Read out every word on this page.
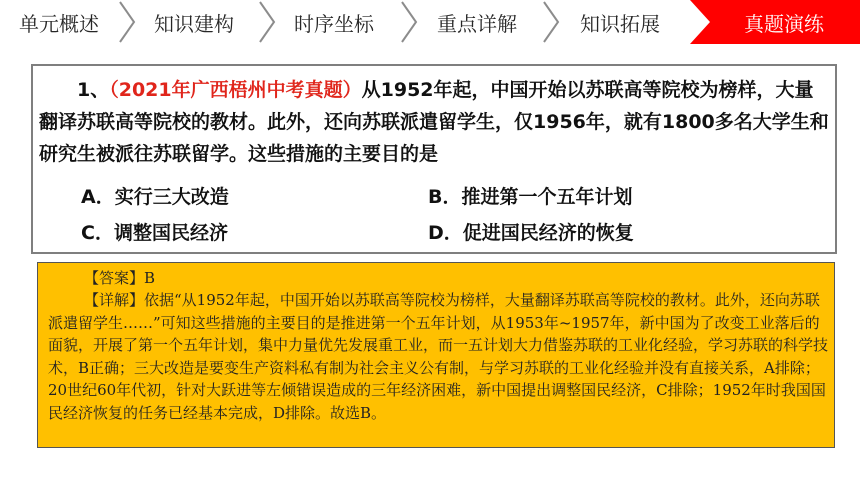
单元概述	知识建构	时序坐标	重点详解	知识拓展	真题演练
1、（2021年广西梧州中考真题）从1952年起，中国开始以苏联高等院校为榜样，大量翻译苏联高等院校的教材。此外，还向苏联派遣留学生，仅1956年，就有1800多名大学生和研究生被派往苏联留学。这些措施的主要目的是
A．实行三大改造	B．推进第一个五年计划
C．调整国民经济	D．促进国民经济的恢复
【答案】B
【详解】依据“从1952年起，中国开始以苏联高等院校为榜样，大量翻译苏联高等院校的教材。此外，还向苏联派遣留学生……”可知这些措施的主要目的是推进第一个五年计划，从1953年~1957年，新中国为了改变工业落后的面貌，开展了第一个五年计划，集中力量优先发展重工业，而一五计划大力借鉴苏联的工业化经验，学习苏联的科学技术，B正确；三大改造是要变生产资料私有制为社会主义公有制，与学习苏联的工业化经验并没有直接关系，A排除；20世纪60年代初，针对大跃进等左倾错误造成的三年经济困难，新中国提出调整国民经济，C排除；1952年时我国国民经济恢复的任务已经基本完成，D排除。故选B。
